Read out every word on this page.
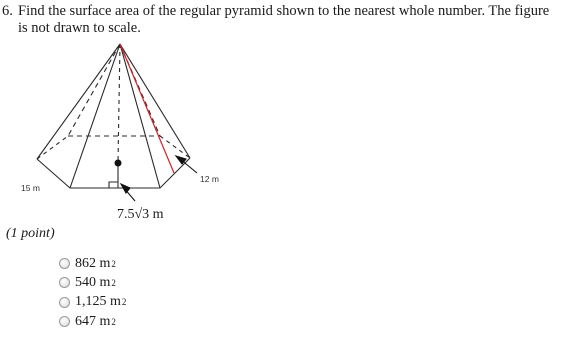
6. Find the surface area of the regular pyramid shown to the nearest whole number. The figure is not drawn to scale.
15 m
12 m
7.5√3 m
(1 point)
862 m 2
540 m 2
1,125 m 2
647 m 2
